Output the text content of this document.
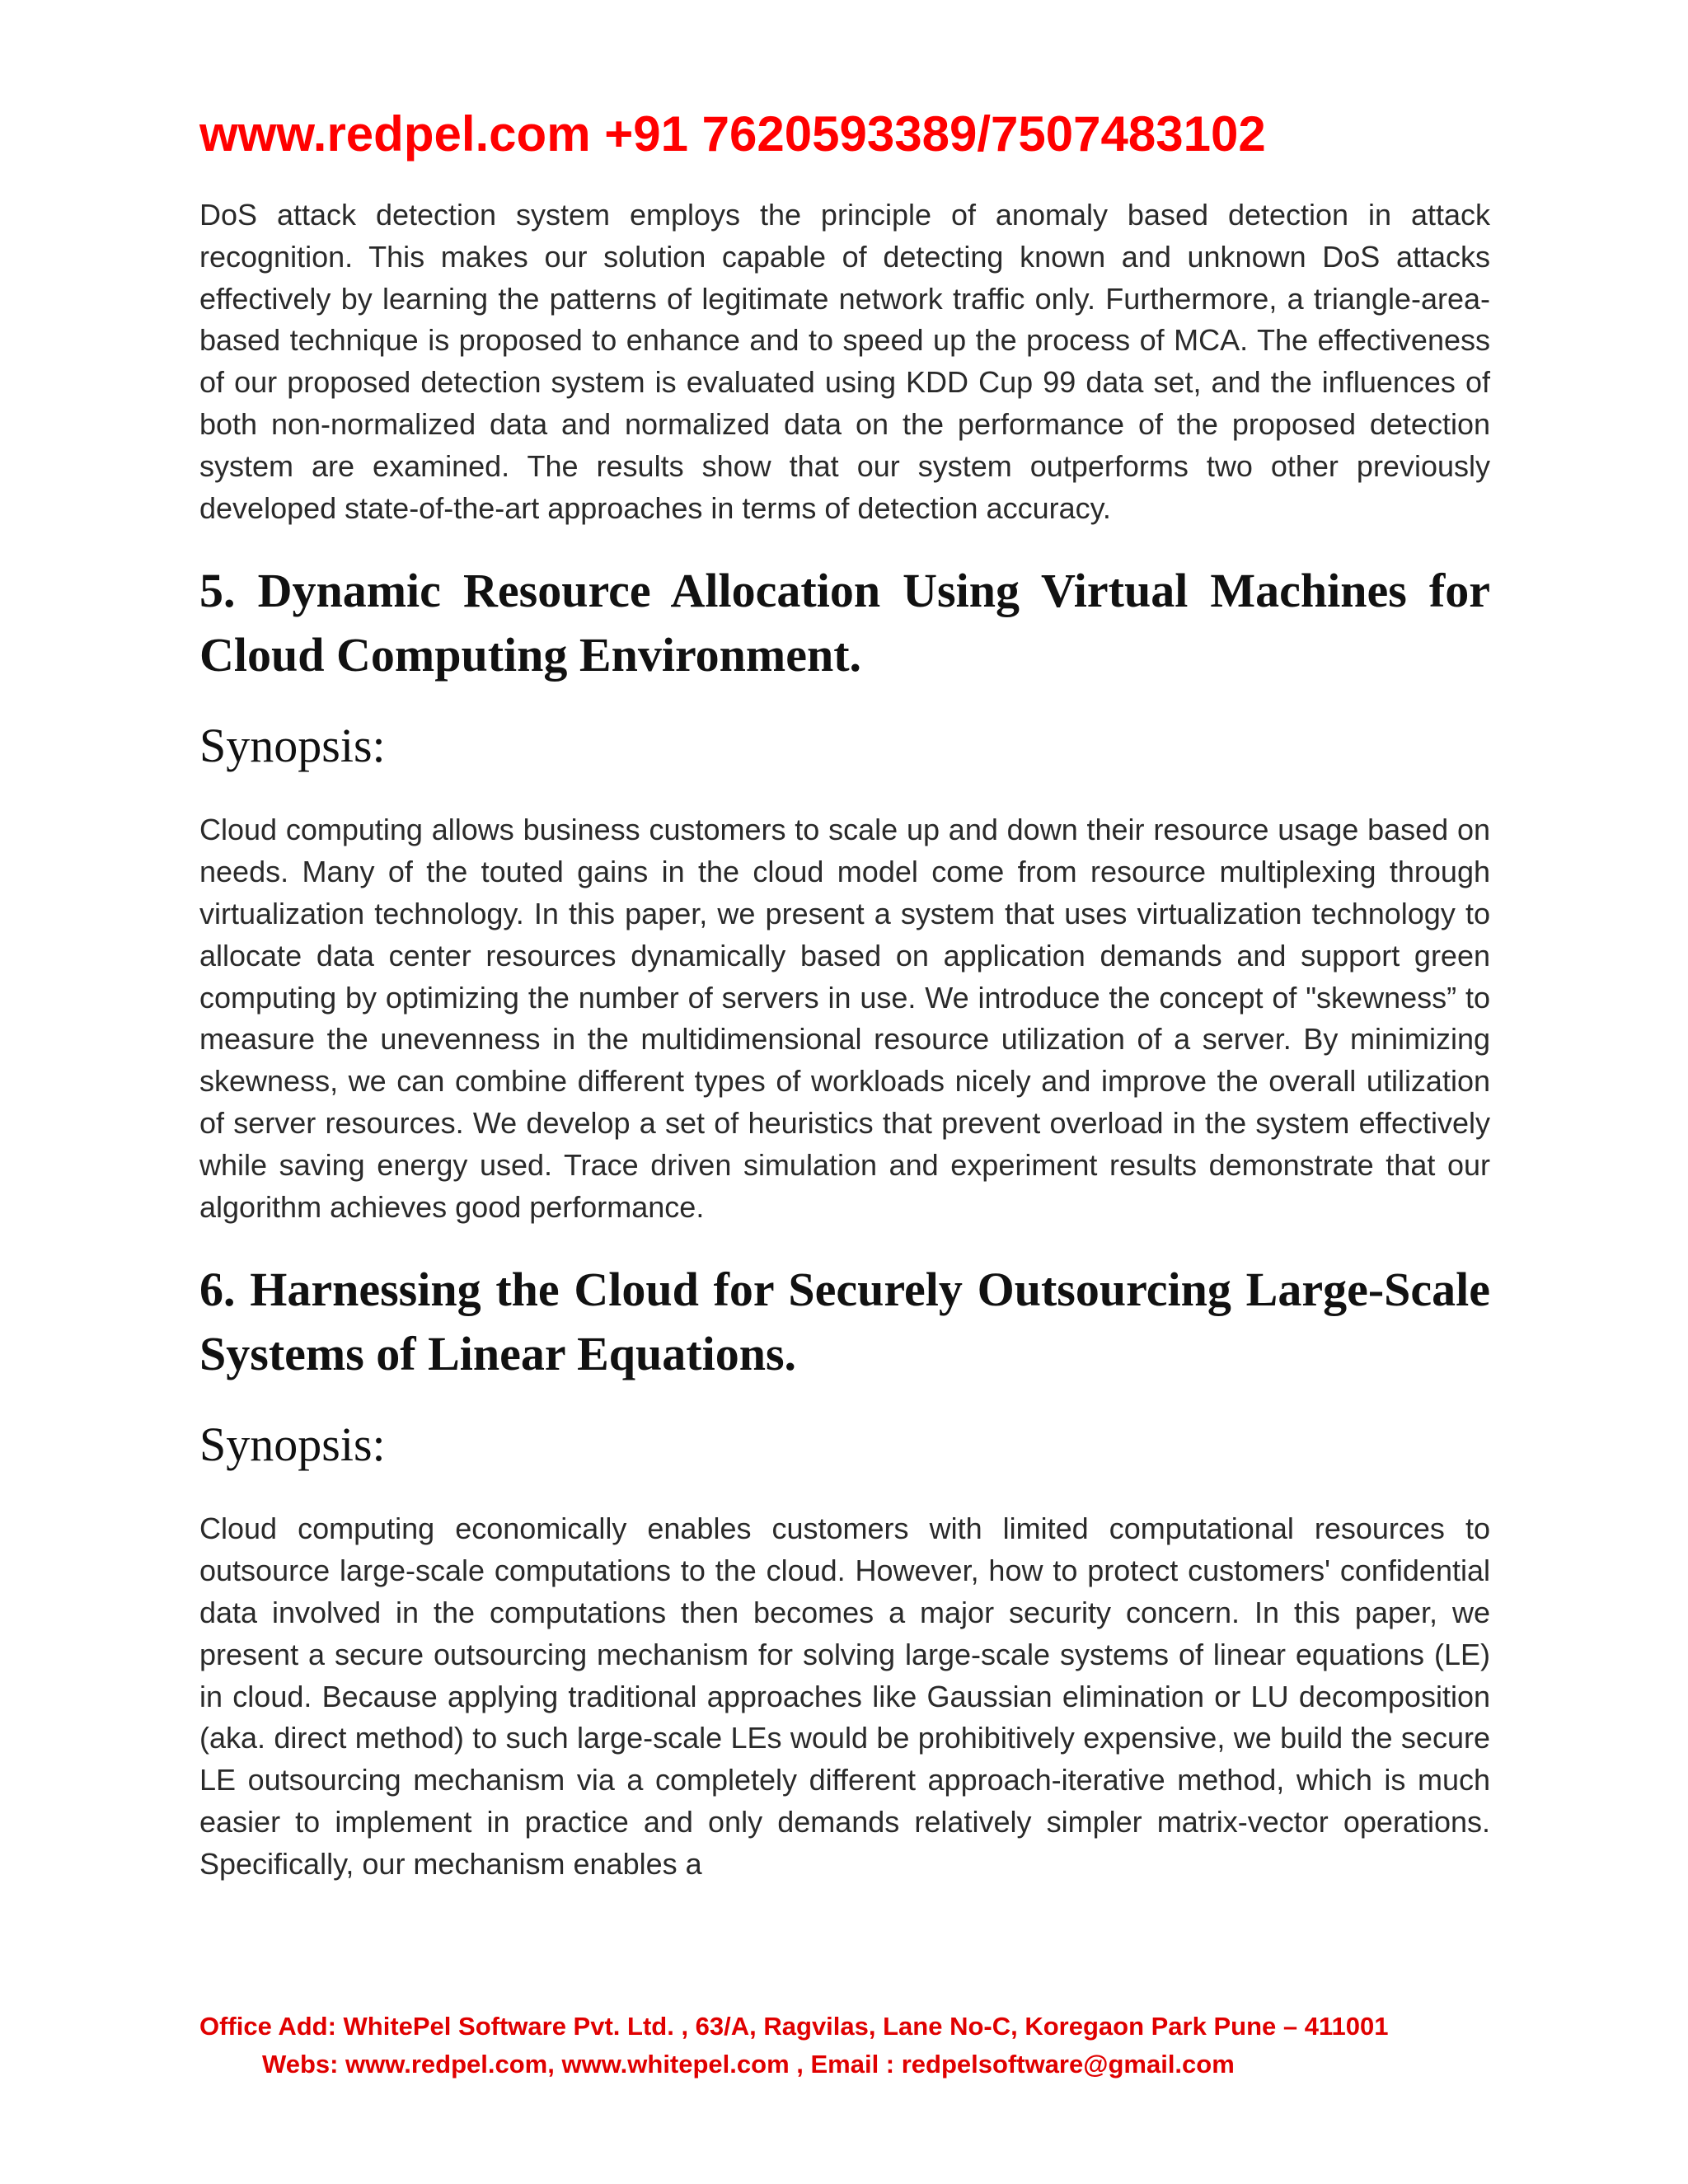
www.redpel.com +91 7620593389/7507483102

DoS attack detection system employs the principle of anomaly based detection in attack recognition. This makes our solution capable of detecting known and unknown DoS attacks effectively by learning the patterns of legitimate network traffic only. Furthermore, a triangle-area-based technique is proposed to enhance and to speed up the process of MCA. The effectiveness of our proposed detection system is evaluated using KDD Cup 99 data set, and the influences of both non-normalized data and normalized data on the performance of the proposed detection system are examined. The results show that our system outperforms two other previously developed state-of-the-art approaches in terms of detection accuracy.

5. Dynamic Resource Allocation Using Virtual Machines for Cloud Computing Environment.
Synopsis:

Cloud computing allows business customers to scale up and down their resource usage based on needs. Many of the touted gains in the cloud model come from resource multiplexing through virtualization technology. In this paper, we present a system that uses virtualization technology to allocate data center resources dynamically based on application demands and support green computing by optimizing the number of servers in use. We introduce the concept of "skewness” to measure the unevenness in the multidimensional resource utilization of a server. By minimizing skewness, we can combine different types of workloads nicely and improve the overall utilization of server resources. We develop a set of heuristics that prevent overload in the system effectively while saving energy used. Trace driven simulation and experiment results demonstrate that our algorithm achieves good performance.

6. Harnessing the Cloud for Securely Outsourcing Large-Scale Systems of Linear Equations.
Synopsis:

Cloud computing economically enables customers with limited computational resources to outsource large-scale computations to the cloud. However, how to protect customers' confidential data involved in the computations then becomes a major security concern. In this paper, we present a secure outsourcing mechanism for solving large-scale systems of linear equations (LE) in cloud. Because applying traditional approaches like Gaussian elimination or LU decomposition (aka. direct method) to such large-scale LEs would be prohibitively expensive, we build the secure LE outsourcing mechanism via a completely different approach-iterative method, which is much easier to implement in practice and only demands relatively simpler matrix-vector operations. Specifically, our mechanism enables a

Office Add: WhitePel Software Pvt. Ltd. , 63/A, Ragvilas, Lane No-C, Koregaon Park Pune – 411001
Webs: www.redpel.com, www.whitepel.com , Email : redpelsoftware@gmail.com
